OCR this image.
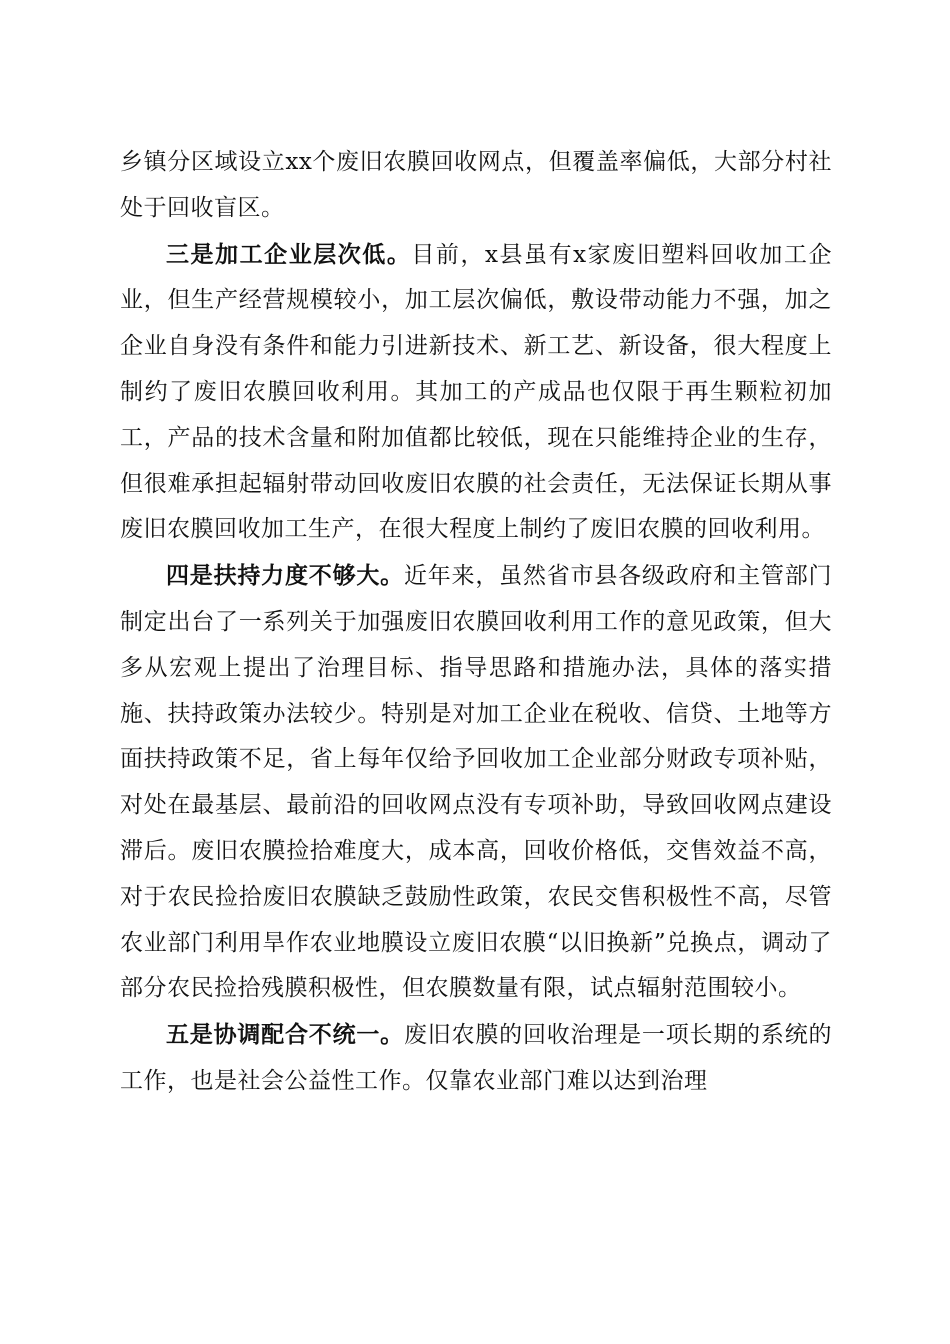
乡镇分区域设立xx个废旧农膜回收网点，但覆盖率偏低，大部分村社处于回收盲区。

三是加工企业层次低。目前，x县虽有x家废旧塑料回收加工企业，但生产经营规模较小，加工层次偏低，敷设带动能力不强，加之企业自身没有条件和能力引进新技术、新工艺、新设备，很大程度上制约了废旧农膜回收利用。其加工的产成品也仅限于再生颗粒初加工，产品的技术含量和附加值都比较低，现在只能维持企业的生存，但很难承担起辐射带动回收废旧农膜的社会责任，无法保证长期从事废旧农膜回收加工生产，在很大程度上制约了废旧农膜的回收利用。

四是扶持力度不够大。近年来，虽然省市县各级政府和主管部门制定出台了一系列关于加强废旧农膜回收利用工作的意见政策，但大多从宏观上提出了治理目标、指导思路和措施办法，具体的落实措施、扶持政策办法较少。特别是对加工企业在税收、信贷、土地等方面扶持政策不足，省上每年仅给予回收加工企业部分财政专项补贴，对处在最基层、最前沿的回收网点没有专项补助，导致回收网点建设滞后。废旧农膜捡拾难度大，成本高，回收价格低，交售效益不高，对于农民捡拾废旧农膜缺乏鼓励性政策，农民交售积极性不高，尽管农业部门利用旱作农业地膜设立废旧农膜“以旧换新”兑换点，调动了部分农民捡拾残膜积极性，但农膜数量有限，试点辐射范围较小。

五是协调配合不统一。废旧农膜的回收治理是一项长期的系统的工作，也是社会公益性工作。仅靠农业部门难以达到治理
